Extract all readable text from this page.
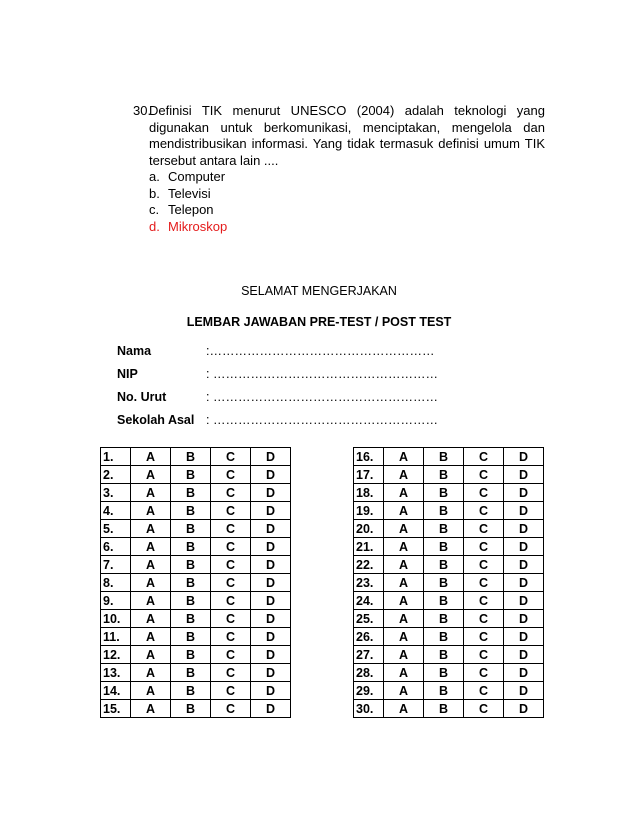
30.
Definisi TIK menurut UNESCO (2004) adalah teknologi yang
digunakan untuk berkomunikasi, menciptakan, mengelola dan
mendistribusikan informasi. Yang tidak termasuk definisi umum TIK
tersebut antara lain ....
a. Computer
b. Televisi
c. Telepon
d. Mikroskop
SELAMAT MENGERJAKAN
LEMBAR JAWABAN PRE-TEST / POST TEST
Nama	:………………………………………………
NIP	: ………………………………………………
No. Urut	: ………………………………………………
Sekolah Asal : ………………………………………………
1.	A	B	C	D
2.	A	B	C	D
3.	A	B	C	D
4.	A	B	C	D
5.	A	B	C	D
6.	A	B	C	D
7.	A	B	C	D
8.	A	B	C	D
9.	A	B	C	D
10.	A	B	C	D
11.	A	B	C	D
12.	A	B	C	D
13.	A	B	C	D
14.	A	B	C	D
15.	A	B	C	D
16.	A	B	C	D
17.	A	B	C	D
18.	A	B	C	D
19.	A	B	C	D
20.	A	B	C	D
21.	A	B	C	D
22.	A	B	C	D
23.	A	B	C	D
24.	A	B	C	D
25.	A	B	C	D
26.	A	B	C	D
27.	A	B	C	D
28.	A	B	C	D
29.	A	B	C	D
30.	A	B	C	D
